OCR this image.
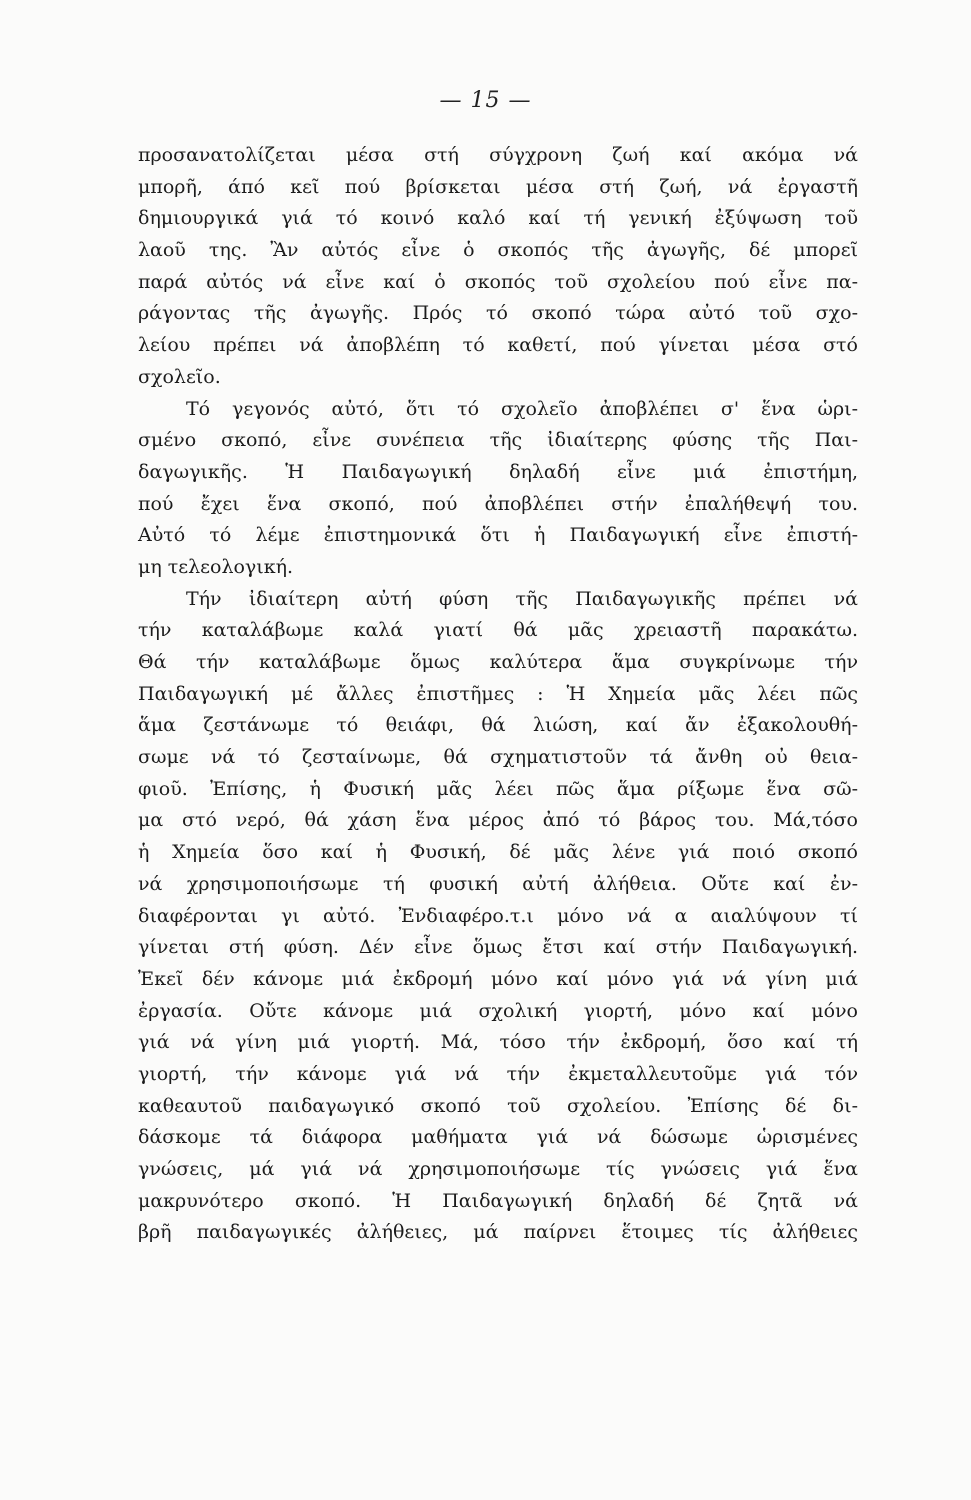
— 15 —
προσανατολίζεται μέσα στή σύγχρονη ζωή καί ακόμα νά
μπορῆ, άπό κεῖ πού βρίσκεται μέσα στή ζωή, νά ἐργαστῆ
δημιουργικά γιά τό κοινό καλό καί τή γενική ἐξύψωση τοῦ
λαοῦ της. Ἂν αὐτός εἶνε ὁ σκοπός τῆς ἀγωγῆς, δέ μπορεῖ
παρά αὐτός νά εἶνε καί ὁ σκοπός τοῦ σχολείου πού εἶνε πα-
ράγοντας τῆς ἀγωγῆς. Πρός τό σκοπό τώρα αὐτό τοῦ σχο-
λείου πρέπει νά ἀποβλέπη τό καθετί, πού γίνεται μέσα στό
σχολεῖο.
Τό γεγονός αὐτό, ὅτι τό σχολεῖο ἀποβλέπει σ' ἕνα ὡρι-
σμένο σκοπό, εἶνε συνέπεια τῆς ἰδιαίτερης φύσης τῆς Παι-
δαγωγικῆς. Ἡ Παιδαγωγική δηλαδή εἶνε μιά ἐπιστήμη,
πού ἔχει ἕνα σκοπό, πού ἀποβλέπει στήν ἐπαλήθεψή του.
Αὐτό τό λέμε ἐπιστημονικά ὅτι ἡ Παιδαγωγική εἶνε ἐπιστή-
μη τελεολογική.
Τήν ἰδιαίτερη αὐτή φύση τῆς Παιδαγωγικῆς πρέπει νά
τήν καταλάβωμε καλά γιατί θά μᾶς χρειαστῆ παρακάτω.
Θά τήν καταλάβωμε ὅμως καλύτερα ἅμα συγκρίνωμε τήν
Παιδαγωγική μέ ἄλλες ἐπιστῆμες : Ἡ Χημεία μᾶς λέει πῶς
ἅμα ζεστάνωμε τό θειάφι, θά λιώση, καί ἄν ἐξακολουθή-
σωμε νά τό ζεσταίνωμε, θά σχηματιστοῦν τά ἄνθη οὐ θεια-
φιοῦ. Ἐπίσης, ἡ Φυσική μᾶς λέει πῶς ἅμα ρίξωμε ἕνα σῶ-
μα στό νερό, θά χάση ἕνα μέρος ἀπό τό βάρος του. Μά,τόσο
ἡ Χημεία ὅσο καί ἡ Φυσική, δέ μᾶς λένε γιά ποιό σκοπό
νά χρησιμοποιήσωμε τή φυσική αὐτή ἀλήθεια. Οὔτε καί ἐν-
διαφέρονται γι αὐτό. Ἐνδιαφέρο.τ.ι μόνο νά α αιαλύψουν τί
γίνεται στή φύση. Δέν εἶνε ὅμως ἔτσι καί στήν Παιδαγωγική.
Ἐκεῖ δέν κάνομε μιά ἐκδρομή μόνο καί μόνο γιά νά γίνη μιά
ἐργασία. Οὔτε κάνομε μιά σχολική γιορτή, μόνο καί μόνο
γιά νά γίνη μιά γιορτή. Μά, τόσο τήν ἐκδρομή, ὅσο καί τή
γιορτή, τήν κάνομε γιά νά τήν ἐκμεταλλευτοῦμε γιά τόν
καθεαυτοῦ παιδαγωγικό σκοπό τοῦ σχολείου. Ἐπίσης δέ δι-
δάσκομε τά διάφορα μαθήματα γιά νά δώσωμε ὡρισμένες
γνώσεις, μά γιά νά χρησιμοποιήσωμε τίς γνώσεις γιά ἕνα
μακρυνότερο σκοπό. Ἡ Παιδαγωγική δηλαδή δέ ζητᾶ νά
βρῆ παιδαγωγικές ἀλήθειες, μά παίρνει ἕτοιμες τίς ἀλήθειες
